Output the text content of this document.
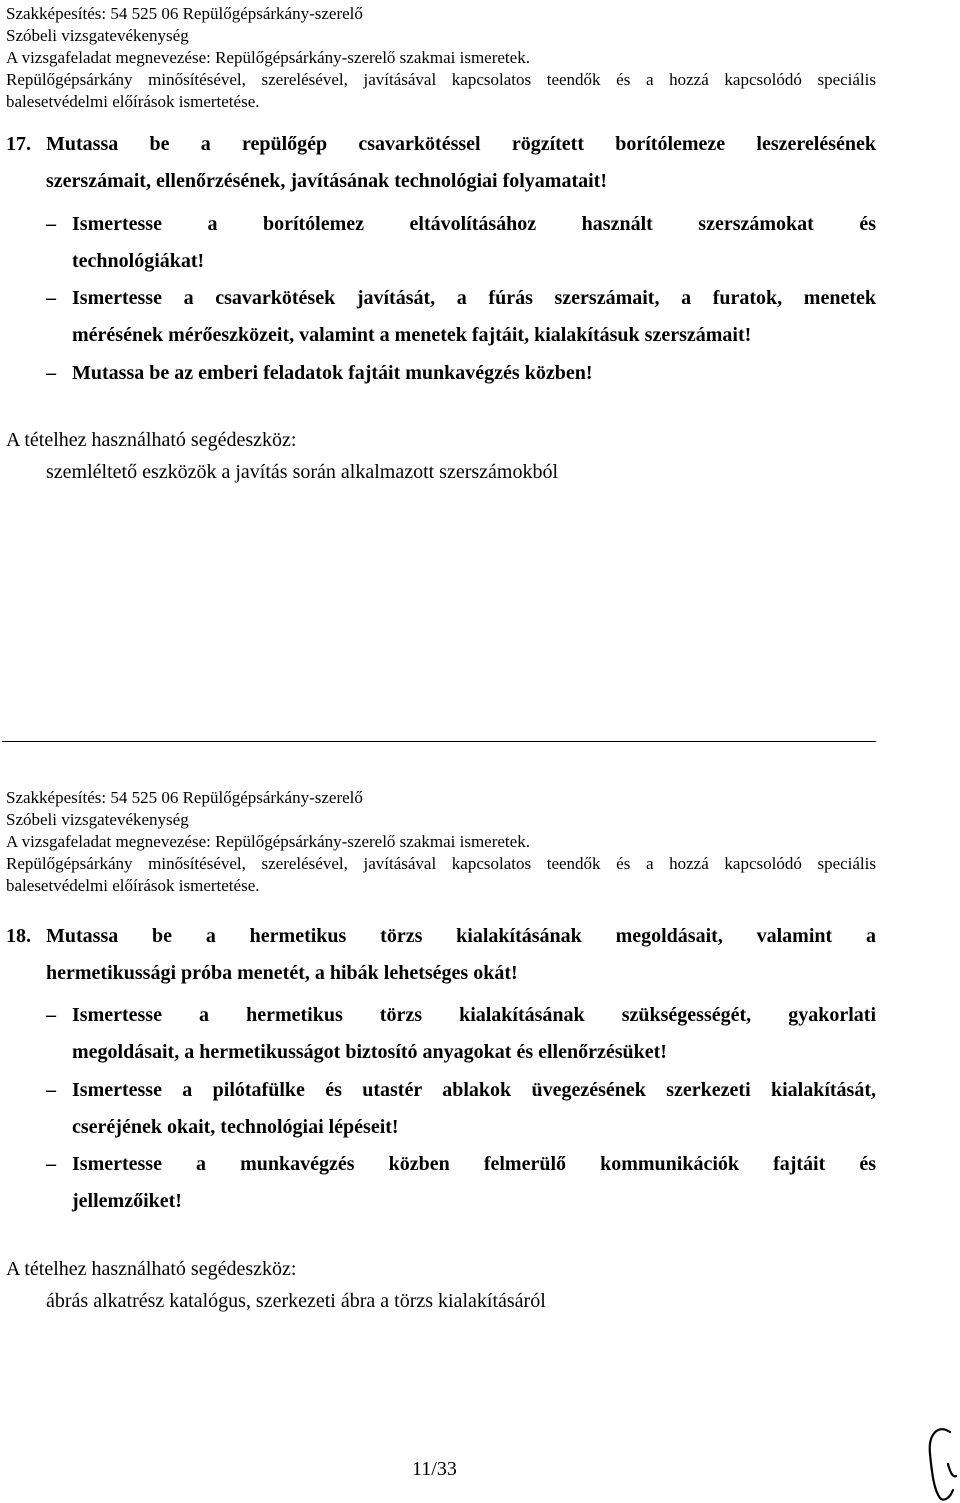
Szakképesítés: 54 525 06 Repülőgépsárkány-szerelő
Szóbeli vizsgatevékenység
A vizsgafeladat megnevezése: Repülőgépsárkány-szerelő szakmai ismeretek.
Repülőgépsárkány minősítésével, szerelésével, javításával kapcsolatos teendők és a hozzá kapcsolódó speciális
balesetvédelmi előírások ismertetése.
17. Mutassa be a repülőgép csavarkötéssel rögzített borítólemeze leszerelésének
szerszámait, ellenőrzésének, javításának technológiai folyamatait!
– Ismertesse a borítólemez eltávolításához használt szerszámokat és
technológiákat!
– Ismertesse a csavarkötések javítását, a fúrás szerszámait, a furatok, menetek
mérésének mérőeszközeit, valamint a menetek fajtáit, kialakításuk szerszámait!
– Mutassa be az emberi feladatok fajtáit munkavégzés közben!
A tételhez használható segédeszköz:
szemléltető eszközök a javítás során alkalmazott szerszámokból
Szakképesítés: 54 525 06 Repülőgépsárkány-szerelő
Szóbeli vizsgatevékenység
A vizsgafeladat megnevezése: Repülőgépsárkány-szerelő szakmai ismeretek.
Repülőgépsárkány minősítésével, szerelésével, javításával kapcsolatos teendők és a hozzá kapcsolódó speciális
balesetvédelmi előírások ismertetése.
18. Mutassa be a hermetikus törzs kialakításának megoldásait, valamint a
hermetikussági próba menetét, a hibák lehetséges okát!
– Ismertesse a hermetikus törzs kialakításának szükségességét, gyakorlati
megoldásait, a hermetikusságot biztosító anyagokat és ellenőrzésüket!
– Ismertesse a pilótafülke és utastér ablakok üvegezésének szerkezeti kialakítását,
cseréjének okait, technológiai lépéseit!
– Ismertesse a munkavégzés közben felmerülő kommunikációk fajtáit és
jellemzőiket!
A tételhez használható segédeszköz:
ábrás alkatrész katalógus, szerkezeti ábra a törzs kialakításáról
11/33
